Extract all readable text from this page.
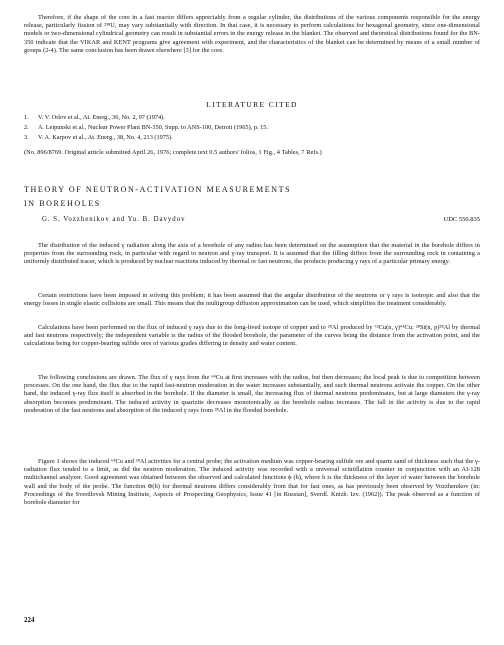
Therefore, if the shape of the core in a fast reactor differs appreciably from a regular cylinder, the distributions of the various components responsible for the energy release, particularly fission of ²³⁸U, may vary substantially with direction. In that case, it is necessary to perform calculations for hexagonal geometry, since one-dimensional models or two-dimensional cylindrical geometry can result in substantial errors in the energy release in the blanket. The observed and theoretical distributions found for the BN-350 indicate that the VIKAR and KENT programs give agreement with experiment, and the characteristics of the blanket can be determined by means of a small number of groups (2-4). The same conclusion has been drawn elsewhere [3] for the core.
LITERATURE CITED
1. V. V. Orlov et al., At. Energ., 36, No. 2, 97 (1974).
2. A. Leipunski et al., Nuclear Power Plant BN-350, Supp. to ANS-100, Detroit (1965), p. 15.
3. V. A. Karpov et al., At. Energ., 38, No. 4, 213 (1975).
(No. 896/8769. Original article submitted April 26, 1976; complete text 0.5 authors' folios, 1 Fig., 4 Tables, 7 Refs.)
THEORY OF NEUTRON-ACTIVATION MEASUREMENTS
IN BOREHOLES
G. S. Vozzhenikov and Yu. B. Davydov	UDC 550.835
The distribution of the induced γ radiation along the axis of a borehole of any radius has been determined on the assumption that the material in the borehole differs in properties from the surrounding rock, in particular with regard to neutron and γ-ray transport. It is assumed that the filling differs from the surrounding rock in containing a uniformly distributed tracer, which is produced by nuclear reactions induced by thermal or fast neutrons, the products producing γ rays of a particular primary energy.
Certain restrictions have been imposed in solving this problem; it has been assumed that the angular distribution of the neutrons or γ rays is isotropic and also that the energy losses in single elastic collisions are small. This means that the multigroup diffusion approximation can be used, which simplifies the treatment considerably.
Calculations have been performed on the flux of induced γ rays due to the long-lived isotope of copper and to ²⁸Al produced by ⁶³Cu(n, γ)⁶⁴Cu; ²⁸Si(n, p)²⁸Al by thermal and fast neutrons respectively; the independent variable is the radius of the flooded borehole, the parameter of the curves being the distance from the activation point, and the calculations being for copper-bearing sulfide ores of various grades differing in density and water content.
The following conclusions are drawn. The flux of γ rays from the ⁶⁴Cu at first increases with the radius, but then decreases; the local peak is due to competition between processes. On the one hand, the flux due to the rapid fast-neutron moderation in the water increases substantially, and such thermal neutrons activate the copper. On the other hand, the induced γ-ray flux itself is absorbed in the borehole. If the diameter is small, the increasing flux of thermal neutrons predominates, but at large diameters the γ-ray absorption becomes predominant. The induced activity in quartzite decreases monotonically as the borehole radius increases. The fall in the activity is due to the rapid moderation of the fast neutrons and absorption of the induced γ rays from ²⁸Al in the flooded borehole.
Figure 1 shows the induced ⁶⁴Cu and ²⁸Al activities for a central probe; the activation medium was copper-bearing sulfide ore and quartz sand of thickness such that the γ-radiation flux tended to a limit, as did the neutron moderation. The induced activity was recorded with a universal scintillation counter in conjunction with an AI-128 multichannel analyzer. Good agreement was obtained between the observed and calculated functions ϕ (h), where h is the thickness of the layer of water between the borehole wall and the body of the probe. The function Φ(h) for thermal neutrons differs considerably from that for fast ones, as has previously been observed by Vozzhenikov (in: Proceedings of the Sverdlovsk Mining Institute, Aspects of Prospecting Geophysics, Issue 41 [in Russian], Sverdl. Knizh. Izv. (1962)). The peak observed as a function of borehole diameter for
224
